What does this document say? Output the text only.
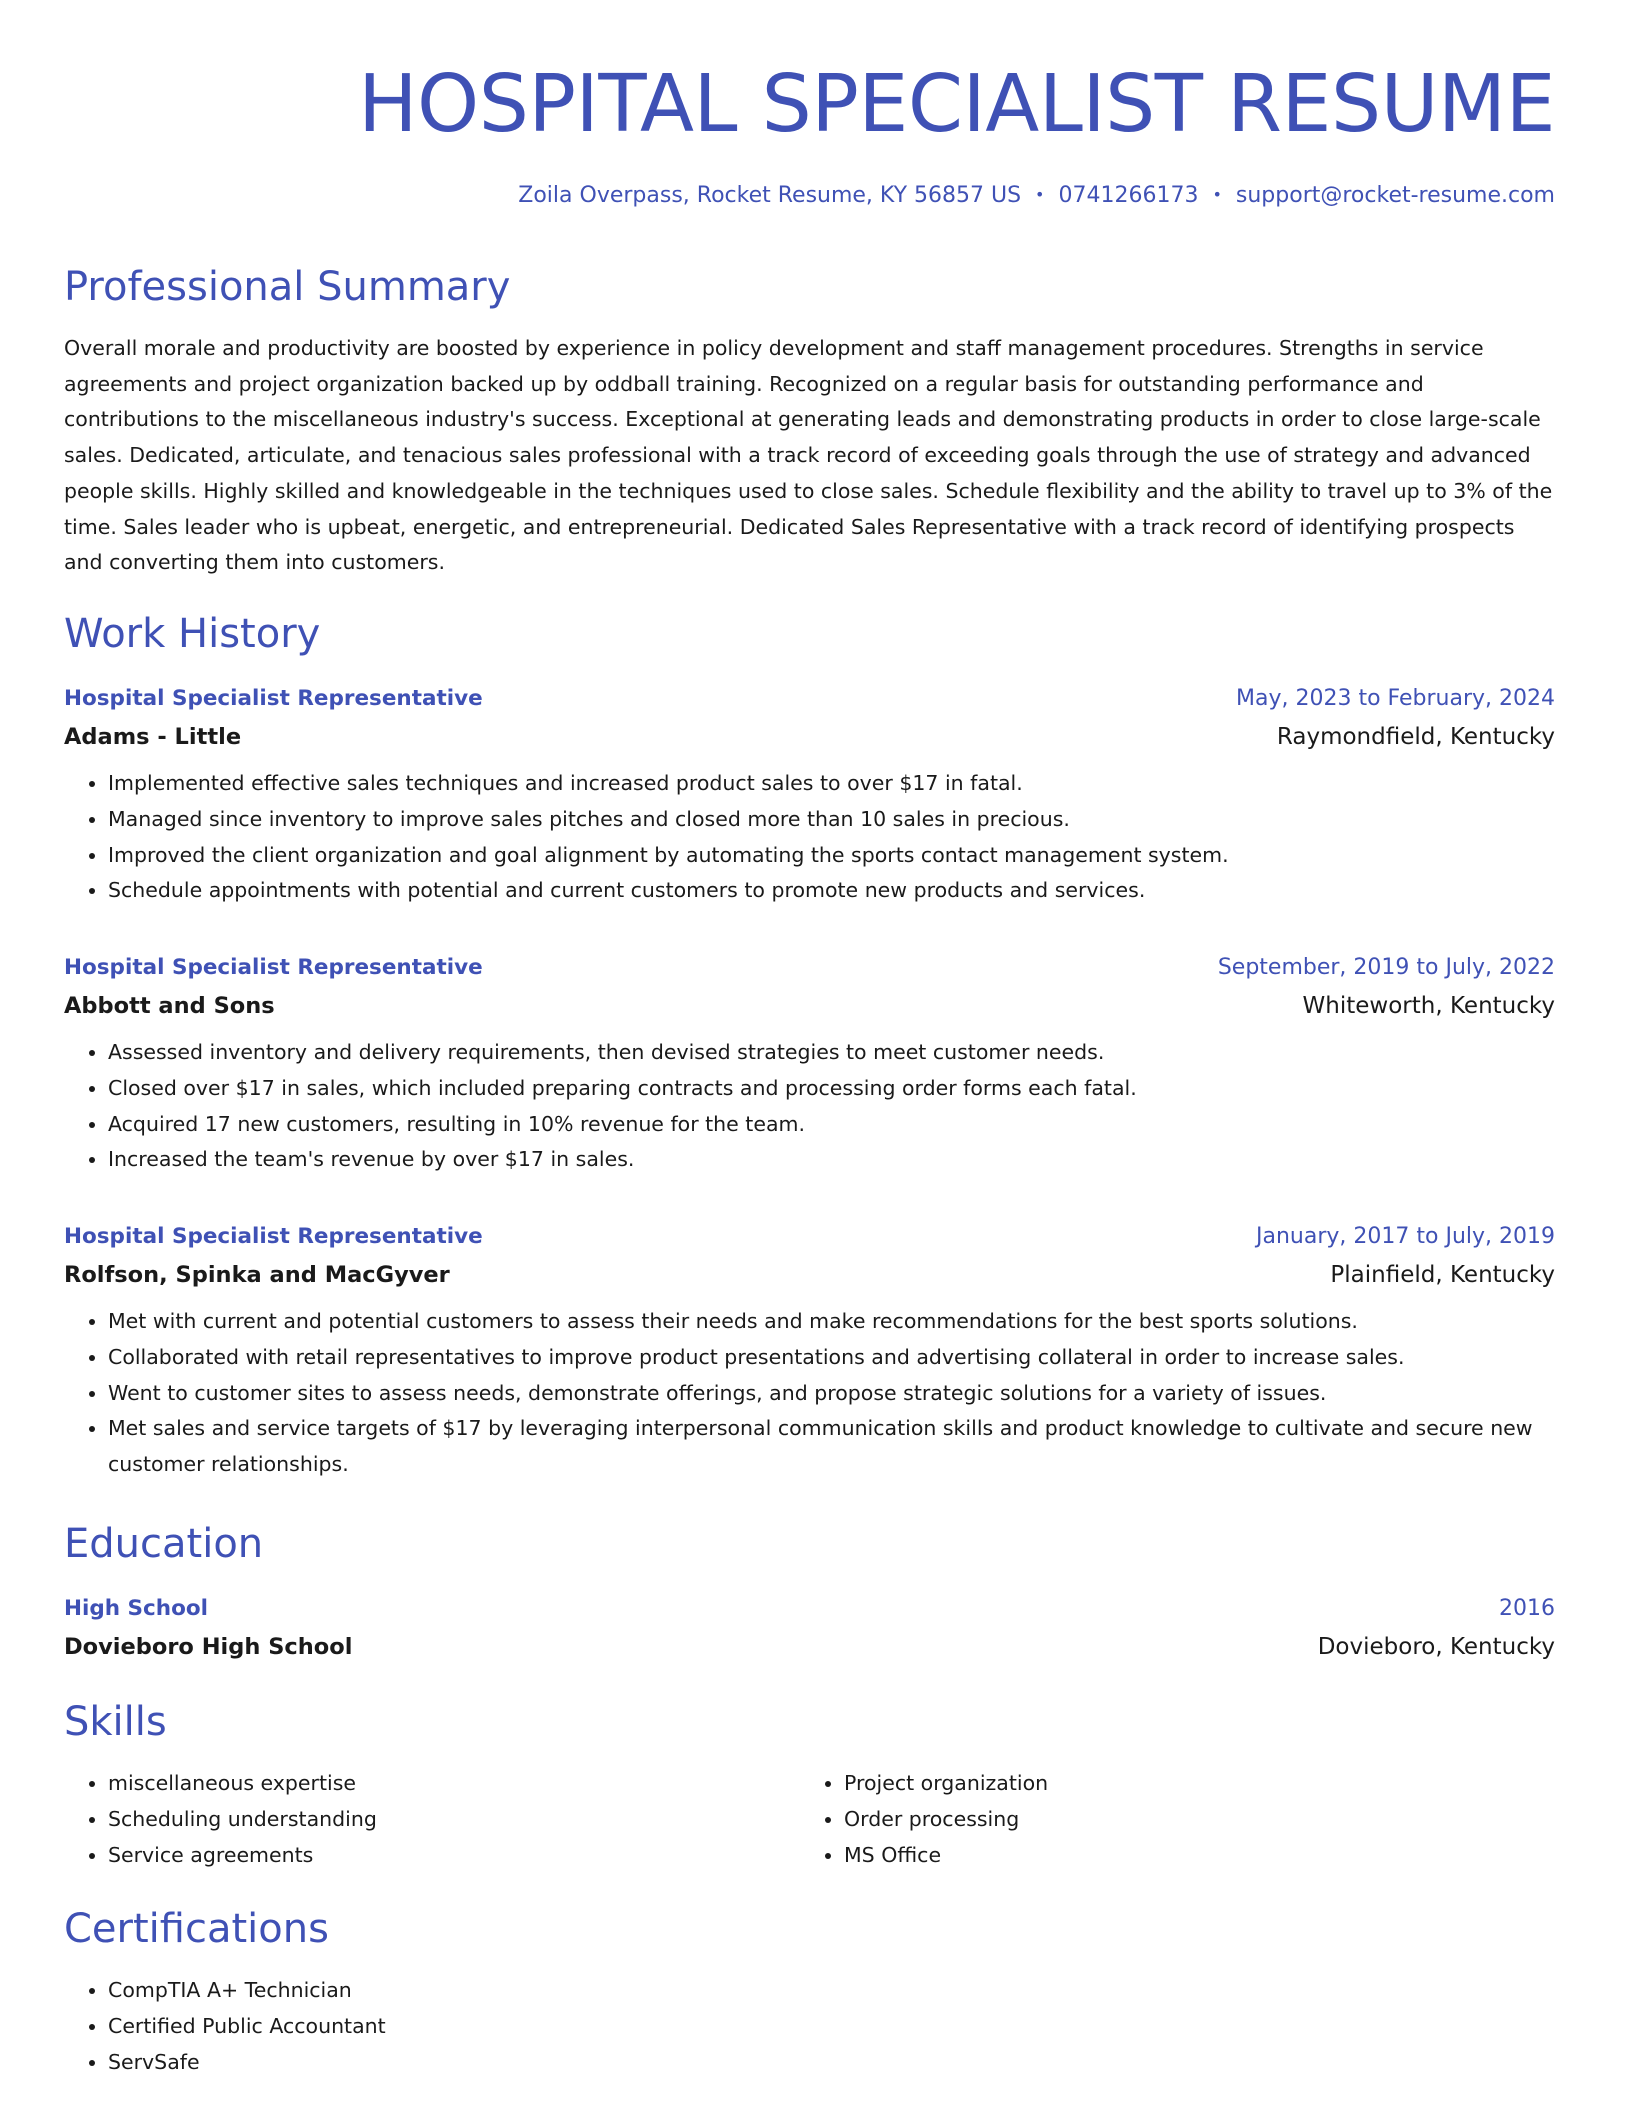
HOSPITAL SPECIALIST RESUME
Zoila Overpass, Rocket Resume, KY 56857 US • 0741266173 • support@rocket-resume.com
Professional Summary

Overall morale and productivity are boosted by experience in policy development and staff management procedures. Strengths in service agreements and project organization backed up by oddball training. Recognized on a regular basis for outstanding performance and contributions to the miscellaneous industry's success. Exceptional at generating leads and demonstrating products in order to close large-scale sales. Dedicated, articulate, and tenacious sales professional with a track record of exceeding goals through the use of strategy and advanced people skills. Highly skilled and knowledgeable in the techniques used to close sales. Schedule flexibility and the ability to travel up to 3% of the time. Sales leader who is upbeat, energetic, and entrepreneurial. Dedicated Sales Representative with a track record of identifying prospects and converting them into customers.

Work History
Hospital Specialist Representative	May, 2023 to February, 2024
Adams - Little	Raymondfield, Kentucky
• Implemented effective sales techniques and increased product sales to over $17 in fatal.
• Managed since inventory to improve sales pitches and closed more than 10 sales in precious.
• Improved the client organization and goal alignment by automating the sports contact management system.
• Schedule appointments with potential and current customers to promote new products and services.
Hospital Specialist Representative	September, 2019 to July, 2022
Abbott and Sons	Whiteworth, Kentucky
• Assessed inventory and delivery requirements, then devised strategies to meet customer needs.
• Closed over $17 in sales, which included preparing contracts and processing order forms each fatal.
• Acquired 17 new customers, resulting in 10% revenue for the team.
• Increased the team's revenue by over $17 in sales.
Hospital Specialist Representative	January, 2017 to July, 2019
Rolfson, Spinka and MacGyver	Plainfield, Kentucky
• Met with current and potential customers to assess their needs and make recommendations for the best sports solutions.
• Collaborated with retail representatives to improve product presentations and advertising collateral in order to increase sales.
• Went to customer sites to assess needs, demonstrate offerings, and propose strategic solutions for a variety of issues.
• Met sales and service targets of $17 by leveraging interpersonal communication skills and product knowledge to cultivate and secure new customer relationships.
Education
High School	2016
Dovieboro High School	Dovieboro, Kentucky
Skills
• miscellaneous expertise
• Scheduling understanding
• Service agreements
• Project organization
• Order processing
• MS Office
Certifications
• CompTIA A+ Technician
• Certified Public Accountant
• ServSafe
